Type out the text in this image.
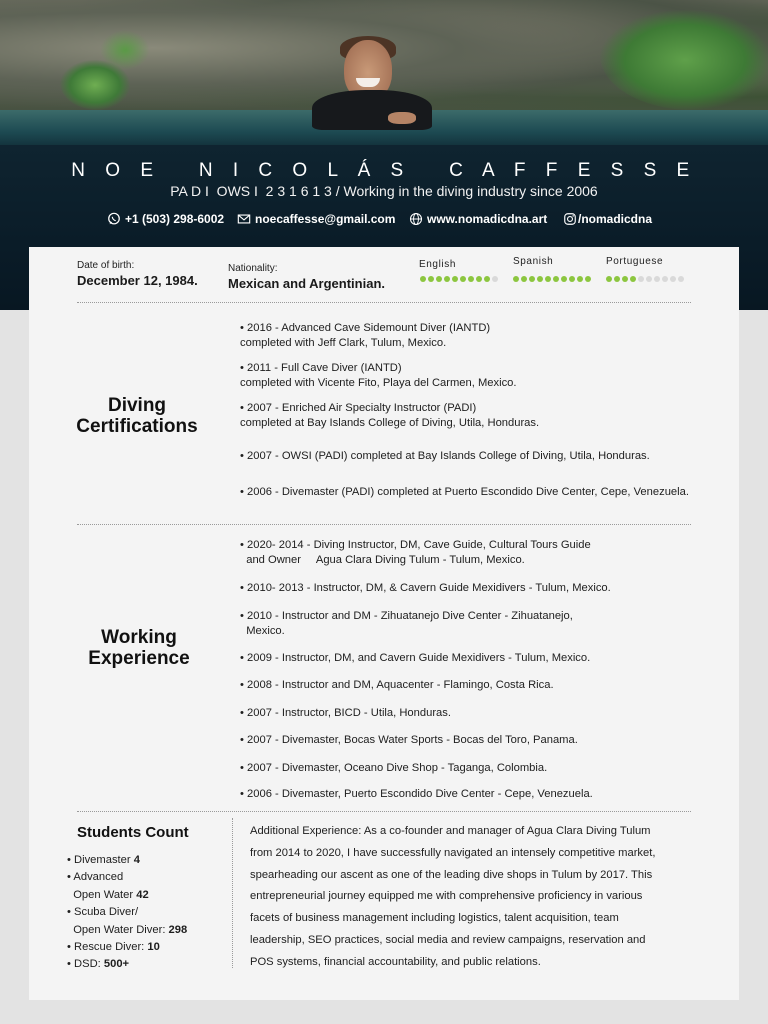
N O E   N I C O L Á S   C A F F E S S E
PA D I  OWS I  2 3 1 6 1 3 / Working in the diving industry since 2006
+1 (503) 298-6002	noecaffesse@gmail.com	www.nomadicdna.art	/nomadicdna
Date of birth:
December 12, 1984.
Nationality:
Mexican and Argentinian.
English	Spanish	Portuguese
Diving
Certifications
• 2016 - Advanced Cave Sidemount Diver (IANTD)
completed with Jeff Clark, Tulum, Mexico.
• 2011 - Full Cave Diver (IANTD)
completed with Vicente Fito, Playa del Carmen, Mexico.
• 2007 - Enriched Air Specialty Instructor (PADI)
completed at Bay Islands College of Diving, Utila, Honduras.
• 2007 - OWSI (PADI) completed at Bay Islands College of Diving, Utila, Honduras.
• 2006 - Divemaster (PADI) completed at Puerto Escondido Dive Center, Cepe, Venezuela.
Working
Experience
• 2020- 2014 - Diving Instructor, DM, Cave Guide, Cultural Tours Guide
and Owner     Agua Clara Diving Tulum - Tulum, Mexico.
• 2010- 2013 - Instructor, DM, & Cavern Guide Mexidivers - Tulum, Mexico.
• 2010 - Instructor and DM - Zihuatanejo Dive Center - Zihuatanejo,
Mexico.
• 2009 - Instructor, DM, and Cavern Guide Mexidivers - Tulum, Mexico.
• 2008 - Instructor and DM, Aquacenter - Flamingo, Costa Rica.
• 2007 - Instructor, BICD - Utila, Honduras.
• 2007 - Divemaster, Bocas Water Sports - Bocas del Toro, Panama.
• 2007 - Divemaster, Oceano Dive Shop - Taganga, Colombia.
• 2006 - Divemaster, Puerto Escondido Dive Center - Cepe, Venezuela.
Students Count
• Divemaster 4
• Advanced
Open Water 42
• Scuba Diver/
Open Water Diver: 298
• Rescue Diver: 10
• DSD: 500+
Additional Experience: As a co-founder and manager of Agua Clara Diving Tulum
from 2014 to 2020, I have successfully navigated an intensely competitive market,
spearheading our ascent as one of the leading dive shops in Tulum by 2017. This
entrepreneurial journey equipped me with comprehensive proficiency in various
facets of business management including logistics, talent acquisition, team
leadership, SEO practices, social media and review campaigns, reservation and
POS systems, financial accountability, and public relations.
